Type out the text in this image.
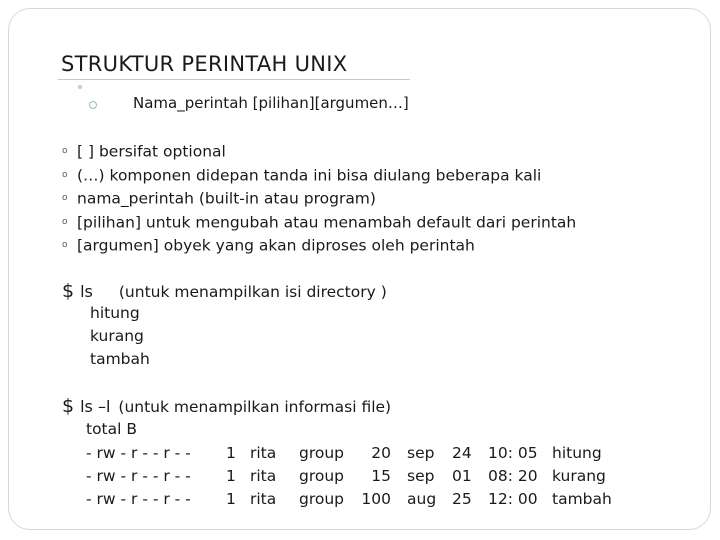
STRUKTUR PERINTAH UNIX
Nama_perintah [pilihan][argumen…]
o [ ] bersifat optional
o (…) komponen didepan tanda ini bisa diulang beberapa kali
o nama_perintah (built-in atau program)
o [pilihan] untuk mengubah atau menambah default dari perintah
o [argumen] obyek yang akan diproses oleh perintah
$ ls (untuk menampilkan isi directory )
hitung
kurang
tambah
$ ls –l (untuk menampilkan informasi file)
total B
- rw - r - - r - - 1 rita group	20 sep 24 10: 05 hitung
- rw - r - - r - - 1 rita group	15 sep 01 08: 20 kurang
- rw - r - - r - - 1 rita group	100 aug 25 12: 00 tambah
